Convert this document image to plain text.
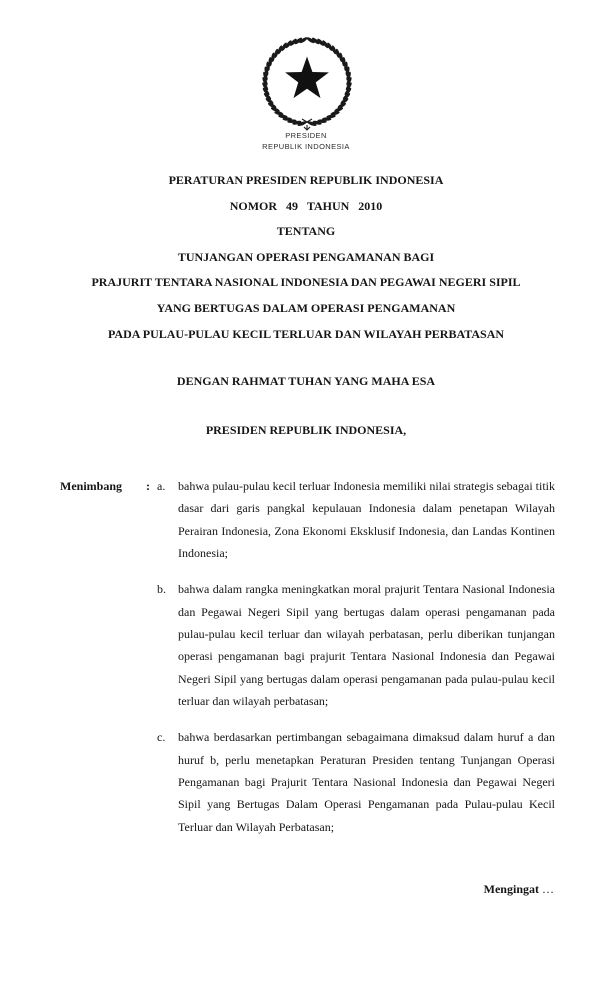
PRESIDEN
REPUBLIK INDONESIA
PERATURAN PRESIDEN REPUBLIK INDONESIA
NOMOR 49 TAHUN 2010
TENTANG
TUNJANGAN OPERASI PENGAMANAN BAGI
PRAJURIT TENTARA NASIONAL INDONESIA DAN PEGAWAI NEGERI SIPIL
YANG BERTUGAS DALAM OPERASI PENGAMANAN
PADA PULAU-PULAU KECIL TERLUAR DAN WILAYAH PERBATASAN
DENGAN RAHMAT TUHAN YANG MAHA ESA
PRESIDEN REPUBLIK INDONESIA,
Menimbang	: a.	bahwa pulau-pulau kecil terluar Indonesia memiliki nilai strategis sebagai titik dasar dari garis pangkal kepulauan Indonesia dalam penetapan Wilayah Perairan Indonesia, Zona Ekonomi Eksklusif Indonesia, dan Landas Kontinen Indonesia;
b.	bahwa dalam rangka meningkatkan moral prajurit Tentara Nasional Indonesia dan Pegawai Negeri Sipil yang bertugas dalam operasi pengamanan pada pulau-pulau kecil terluar dan wilayah perbatasan, perlu diberikan tunjangan operasi pengamanan bagi prajurit Tentara Nasional Indonesia dan Pegawai Negeri Sipil yang bertugas dalam operasi pengamanan pada pulau-pulau kecil terluar dan wilayah perbatasan;
c.	bahwa berdasarkan pertimbangan sebagaimana dimaksud dalam huruf a dan huruf b, perlu menetapkan Peraturan Presiden tentang Tunjangan Operasi Pengamanan bagi Prajurit Tentara Nasional Indonesia dan Pegawai Negeri Sipil yang Bertugas Dalam Operasi Pengamanan pada Pulau-pulau Kecil Terluar dan Wilayah Perbatasan;
Mengingat …
